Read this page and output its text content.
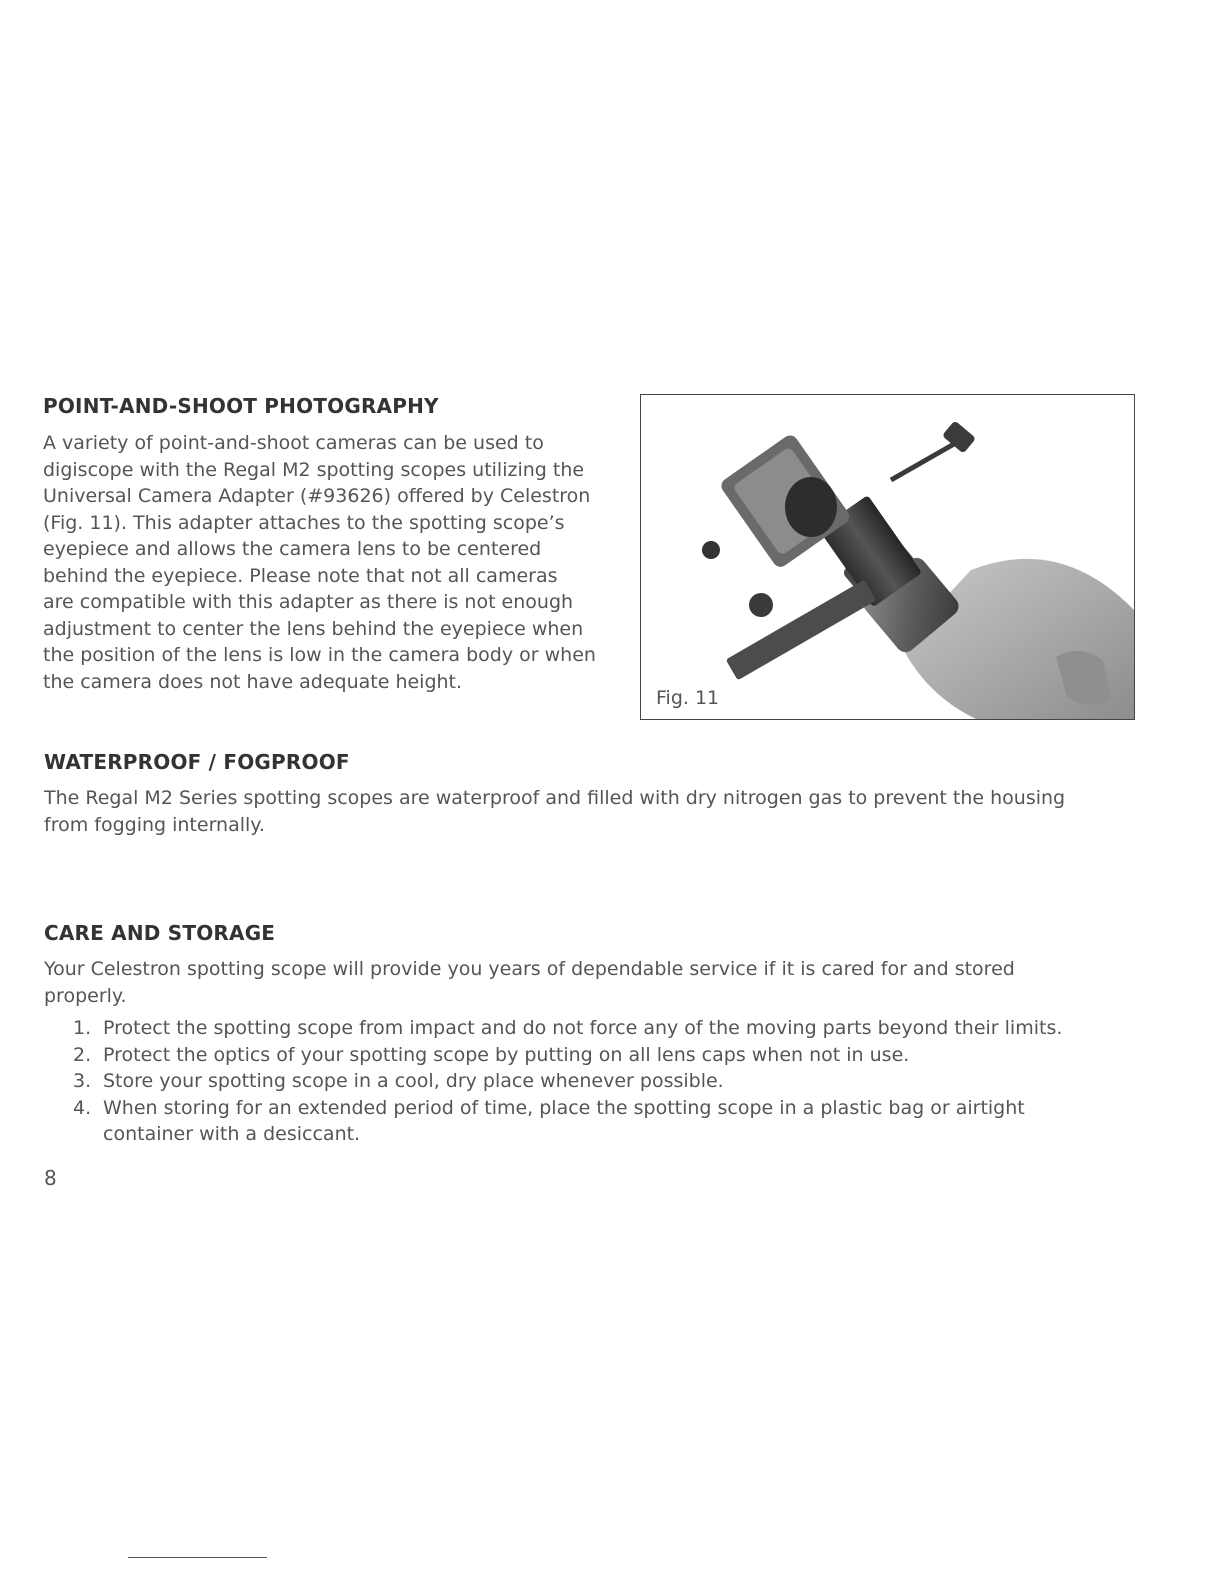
POINT-AND-SHOOT PHOTOGRAPHY

A variety of point-and-shoot cameras can be used to
digiscope with the Regal M2 spotting scopes utilizing the
Universal Camera Adapter (#93626) offered by Celestron
(Fig. 11). This adapter attaches to the spotting scope’s
eyepiece and allows the camera lens to be centered
behind the eyepiece. Please note that not all cameras
are compatible with this adapter as there is not enough
adjustment to center the lens behind the eyepiece when
the position of the lens is low in the camera body or when
the camera does not have adequate height.

Fig. 11
WATERPROOF / FOGPROOF

The Regal M2 Series spotting scopes are waterproof and filled with dry nitrogen gas to prevent the housing
from fogging internally.

CARE AND STORAGE

Your Celestron spotting scope will provide you years of dependable service if it is cared for and stored
properly.

1. Protect the spotting scope from impact and do not force any of the moving parts beyond their limits.
2. Protect the optics of your spotting scope by putting on all lens caps when not in use.
3. Store your spotting scope in a cool, dry place whenever possible.
4. When storing for an extended period of time, place the spotting scope in a plastic bag or airtight
container with a desiccant.
8
